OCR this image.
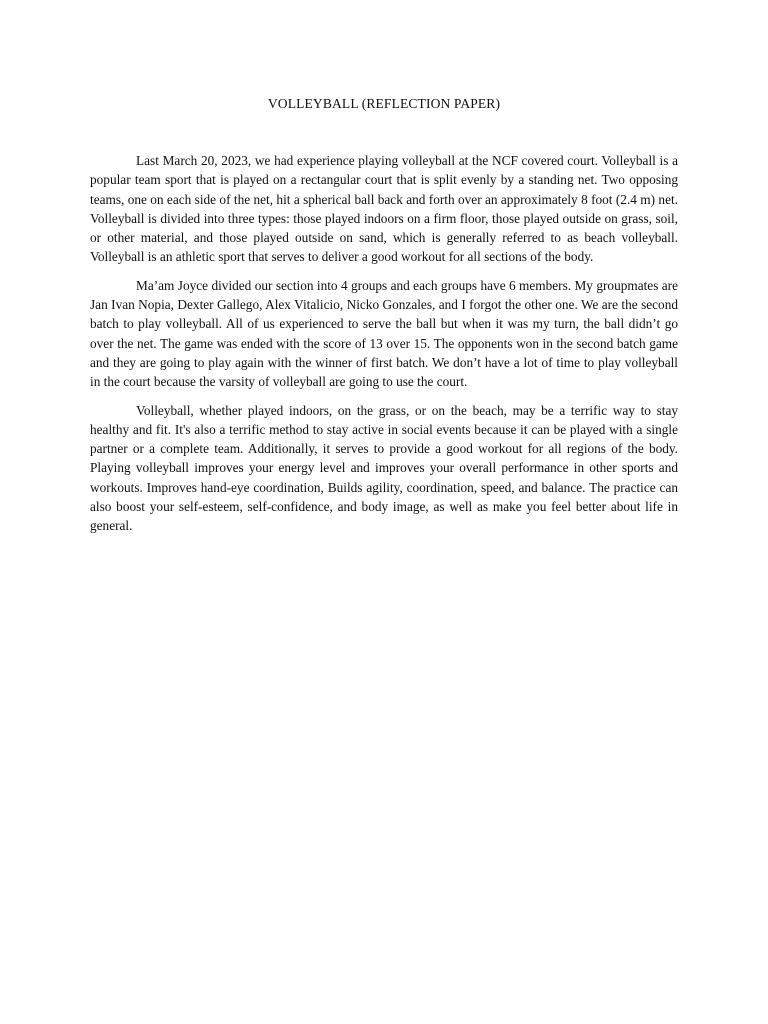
VOLLEYBALL (REFLECTION PAPER)

Last March 20, 2023, we had experience playing volleyball at the NCF covered court. Volleyball is a popular team sport that is played on a rectangular court that is split evenly by a standing net. Two opposing teams, one on each side of the net, hit a spherical ball back and forth over an approximately 8 foot (2.4 m) net. Volleyball is divided into three types: those played indoors on a firm floor, those played outside on grass, soil, or other material, and those played outside on sand, which is generally referred to as beach volleyball. Volleyball is an athletic sport that serves to deliver a good workout for all sections of the body.

Ma’am Joyce divided our section into 4 groups and each groups have 6 members. My groupmates are Jan Ivan Nopia, Dexter Gallego, Alex Vitalicio, Nicko Gonzales, and I forgot the other one. We are the second batch to play volleyball. All of us experienced to serve the ball but when it was my turn, the ball didn’t go over the net. The game was ended with the score of 13 over 15. The opponents won in the second batch game and they are going to play again with the winner of first batch. We don’t have a lot of time to play volleyball in the court because the varsity of volleyball are going to use the court.

Volleyball, whether played indoors, on the grass, or on the beach, may be a terrific way to stay healthy and fit. It's also a terrific method to stay active in social events because it can be played with a single partner or a complete team. Additionally, it serves to provide a good workout for all regions of the body. Playing volleyball improves your energy level and improves your overall performance in other sports and workouts. Improves hand-eye coordination, Builds agility, coordination, speed, and balance. The practice can also boost your self-esteem, self-confidence, and body image, as well as make you feel better about life in general.
